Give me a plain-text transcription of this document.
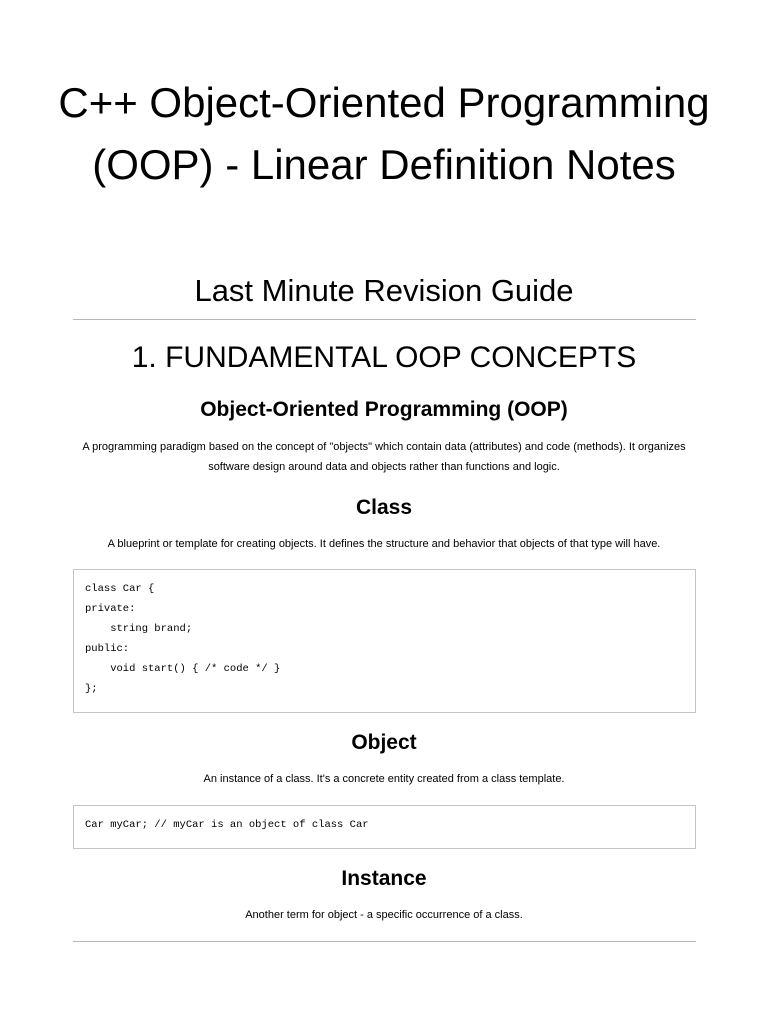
C++ Object-Oriented Programming (OOP) - Linear Definition Notes
Last Minute Revision Guide
1. FUNDAMENTAL OOP CONCEPTS
Object-Oriented Programming (OOP)

A programming paradigm based on the concept of "objects" which contain data (attributes) and code (methods). It organizes software design around data and objects rather than functions and logic.

Class

A blueprint or template for creating objects. It defines the structure and behavior that objects of that type will have.

class Car {
private:
string brand;
public:
void start() { /* code */ }
};
Object

An instance of a class. It's a concrete entity created from a class template.

Car myCar; // myCar is an object of class Car
Instance

Another term for object - a specific occurrence of a class.
